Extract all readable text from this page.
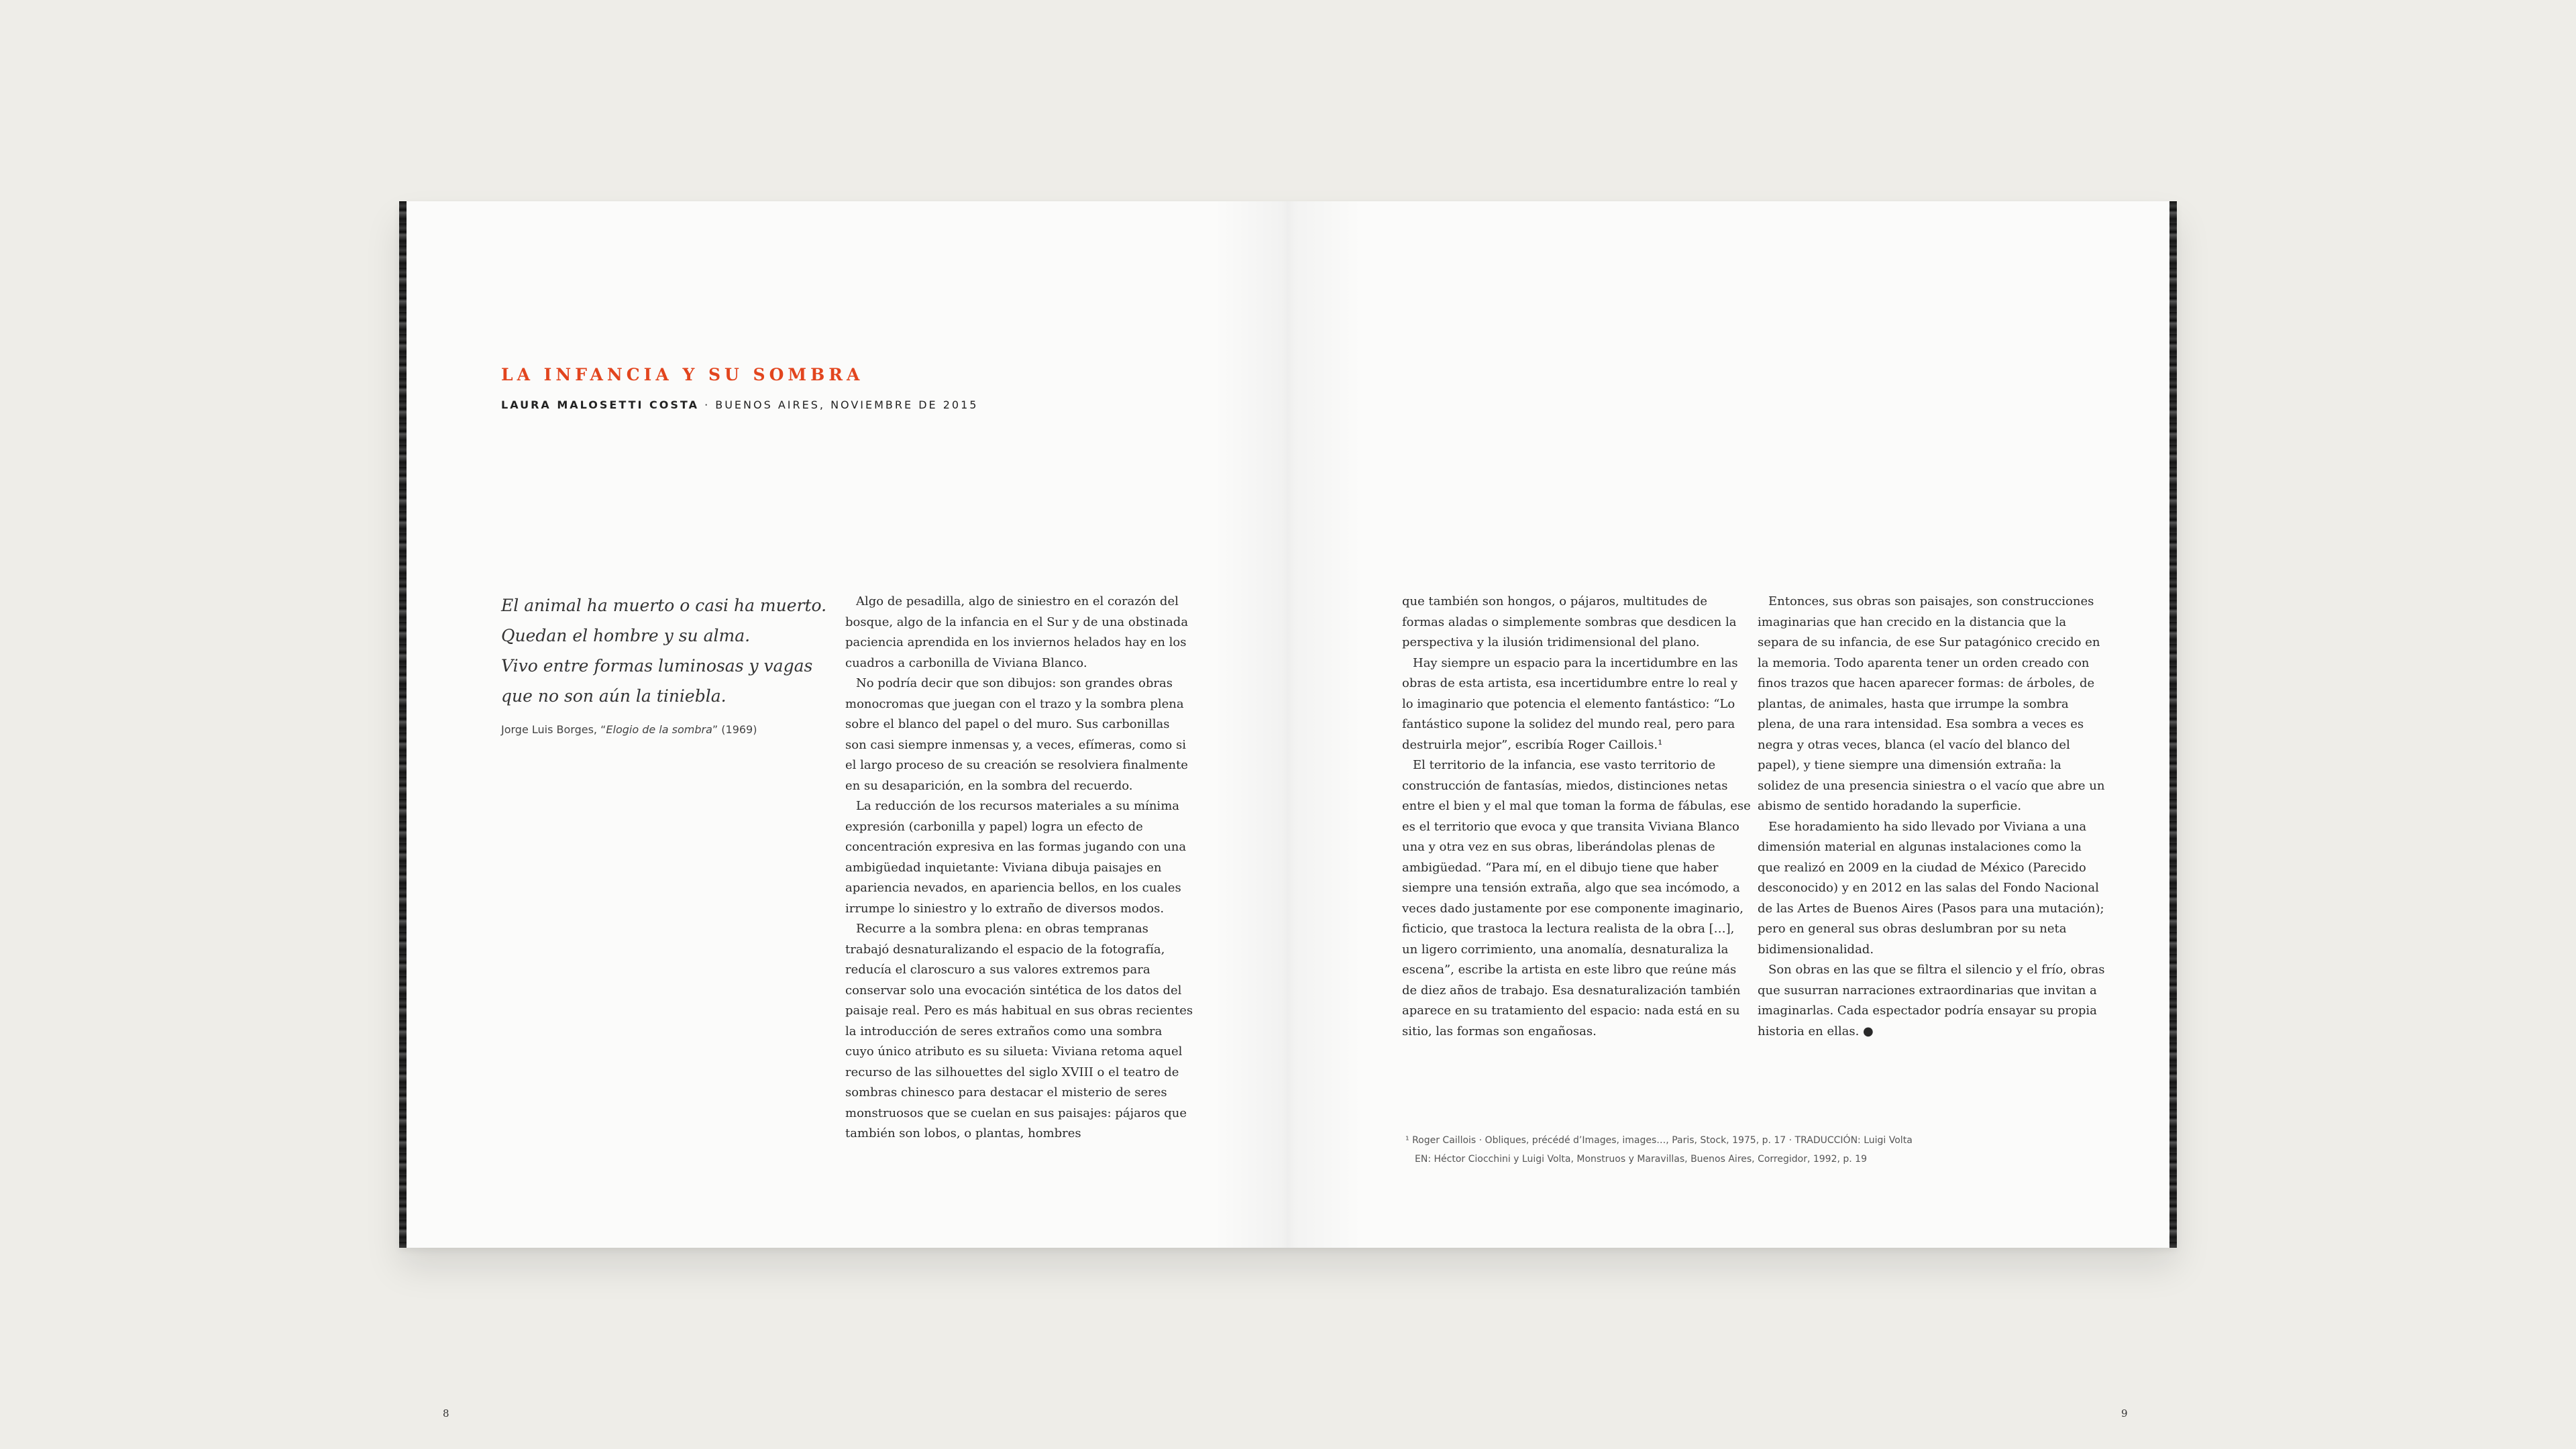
LA INFANCIA Y SU SOMBRA
LAURA MALOSETTI COSTA · BUENOS AIRES, NOVIEMBRE DE 2015
El animal ha muerto o casi ha muerto.
Quedan el hombre y su alma.
Vivo entre formas luminosas y vagas
que no son aún la tiniebla.
Jorge Luis Borges, “Elogio de la sombra” (1969)

Algo de pesadilla, algo de siniestro en el corazón del bosque, algo de la infancia en el Sur y de una obstinada paciencia aprendida en los inviernos helados hay en los cuadros a carbonilla de Viviana Blanco.

No podría decir que son dibujos: son grandes obras monocromas que juegan con el trazo y la sombra plena sobre el blanco del papel o del muro. Sus carbonillas son casi siempre inmensas y, a veces, efímeras, como si el largo proceso de su creación se resolviera finalmente en su desaparición, en la sombra del recuerdo.

La reducción de los recursos materiales a su mínima expresión (carbonilla y papel) logra un efecto de concentración expresiva en las formas jugando con una ambigüedad inquietante: Viviana dibuja paisajes en apariencia nevados, en apariencia bellos, en los cuales irrumpe lo siniestro y lo extraño de diversos modos.

Recurre a la sombra plena: en obras tempranas trabajó desnaturalizando el espacio de la fotografía, reducía el claroscuro a sus valores extremos para conservar solo una evocación sintética de los datos del paisaje real. Pero es más habitual en sus obras recientes la introducción de seres extraños como una sombra cuyo único atributo es su silueta: Viviana retoma aquel recurso de las silhouettes del siglo XVIII o el teatro de sombras chinesco para destacar el misterio de seres monstruosos que se cuelan en sus paisajes: pájaros que también son lobos, o plantas, hombres

8

que también son hongos, o pájaros, multitudes de formas aladas o simplemente sombras que desdicen la perspectiva y la ilusión tridimensional del plano.

Hay siempre un espacio para la incertidumbre en las obras de esta artista, esa incertidumbre entre lo real y lo imaginario que potencia el elemento fantástico: “Lo fantástico supone la solidez del mundo real, pero para destruirla mejor”, escribía Roger Caillois.¹

El territorio de la infancia, ese vasto territorio de construcción de fantasías, miedos, distinciones netas entre el bien y el mal que toman la forma de fábulas, ese es el territorio que evoca y que transita Viviana Blanco una y otra vez en sus obras, liberándolas plenas de ambigüedad. “Para mí, en el dibujo tiene que haber siempre una tensión extraña, algo que sea incómodo, a veces dado justamente por ese componente imaginario, ficticio, que trastoca la lectura realista de la obra […], un ligero corrimiento, una anomalía, desnaturaliza la escena”, escribe la artista en este libro que reúne más de diez años de trabajo. Esa desnaturalización también aparece en su tratamiento del espacio: nada está en su sitio, las formas son engañosas.

Entonces, sus obras son paisajes, son construcciones imaginarias que han crecido en la distancia que la separa de su infancia, de ese Sur patagónico crecido en la memoria. Todo aparenta tener un orden creado con finos trazos que hacen aparecer formas: de árboles, de plantas, de animales, hasta que irrumpe la sombra plena, de una rara intensidad. Esa sombra a veces es negra y otras veces, blanca (el vacío del blanco del papel), y tiene siempre una dimensión extraña: la solidez de una presencia siniestra o el vacío que abre un abismo de sentido horadando la superficie.

Ese horadamiento ha sido llevado por Viviana a una dimensión material en algunas instalaciones como la que realizó en 2009 en la ciudad de México (Parecido desconocido) y en 2012 en las salas del Fondo Nacional de las Artes de Buenos Aires (Pasos para una mutación); pero en general sus obras deslumbran por su neta bidimensionalidad.

Son obras en las que se filtra el silencio y el frío, obras que susurran narraciones extraordinarias que invitan a imaginarlas. Cada espectador podría ensayar su propia historia en ellas. ●

¹ Roger Caillois · Obliques, précédé d’Images, images…, Paris, Stock, 1975, p. 17 · TRADUCCIÓN: Luigi Volta
EN: Héctor Ciocchini y Luigi Volta, Monstruos y Maravillas, Buenos Aires, Corregidor, 1992, p. 19
9
